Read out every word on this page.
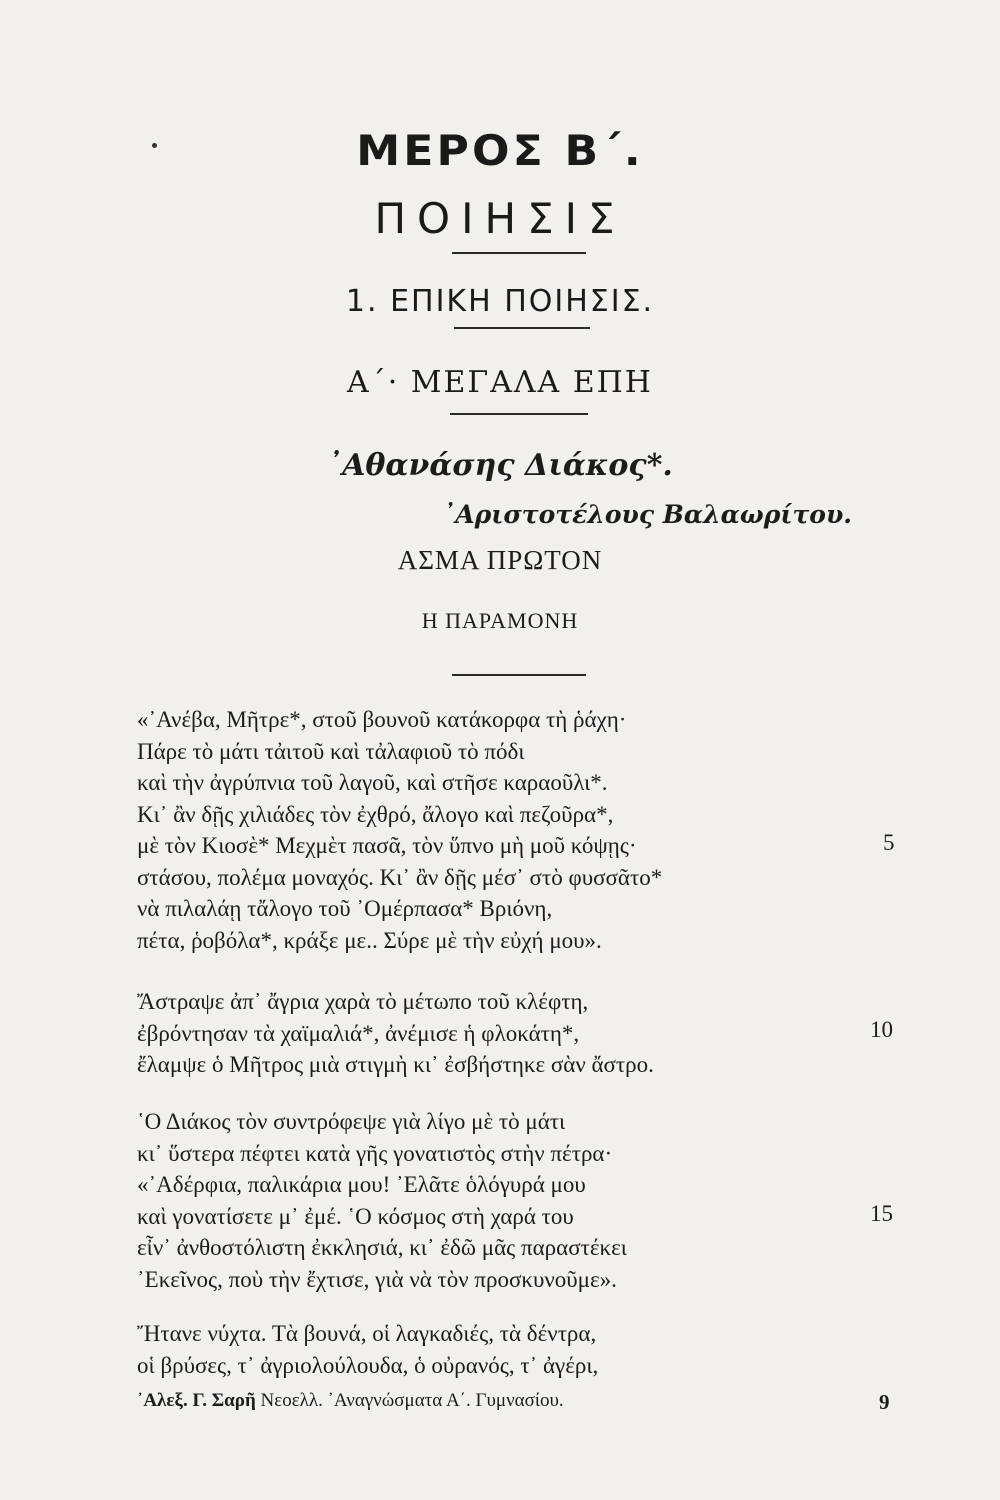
ΜΕΡΟΣ Β΄.
ΠΟΙΗΣΙΣ
1. ΕΠΙΚΗ ΠΟΙΗΣΙΣ.
Α΄· ΜΕΓΑΛΑ ΕΠΗ
᾿Αθανάσης Διάκος*.
᾿Αριστοτέλους Βαλαωρίτου.
ΑΣΜΑ ΠΡΩΤΟΝ
Η ΠΑΡΑΜΟΝΗ
«᾿Ανέβα, Μῆτρε*, στοῦ βουνοῦ κατάκορφα τὴ ῥάχη·
Πάρε τὸ μάτι τἀιτοῦ καὶ τἀλαφιοῦ τὸ πόδι
καὶ τὴν ἀγρύπνια τοῦ λαγοῦ, καὶ στῆσε καραοῦλι*.
Κι᾿ ἂν δῇς χιλιάδες τὸν ἐχθρό, ἄλογο καὶ πεζοῦρα*,
μὲ τὸν Κιοσὲ* Μεχμὲτ πασᾶ, τὸν ὕπνο μὴ μοῦ κόψῃς·
στάσου, πολέμα μοναχός. Κι᾿ ἂν δῇς μέσ᾿ στὸ φυσσᾶτο*
νὰ πιλαλάῃ τἄλογο τοῦ ᾿Ομέρπασα* Βριόνη,
πέτα, ῥοβόλα*, κράξε με.. Σύρε μὲ τὴν εὐχή μου».
5
Ἄστραψε ἀπ᾿ ἄγρια χαρὰ τὸ μέτωπο τοῦ κλέφτη,
ἐβρόντησαν τὰ χαϊμαλιά*, ἀνέμισε ἡ φλοκάτη*,
ἔλαμψε ὁ Μῆτρος μιὰ στιγμὴ κι᾿ ἐσβήστηκε σὰν ἄστρο.
10
῾Ο Διάκος τὸν συντρόφεψε γιὰ λίγο μὲ τὸ μάτι
κι᾿ ὕστερα πέφτει κατὰ γῆς γονατιστὸς στὴν πέτρα·
«᾿Αδέρφια, παλικάρια μου! ᾿Ελᾶτε ὁλόγυρά μου
καὶ γονατίσετε μ᾿ ἐμέ. ῾Ο κόσμος στὴ χαρά του
εἶν᾿ ἀνθοστόλιστη ἐκκλησιά, κι᾿ ἐδῶ μᾶς παραστέκει
᾿Εκεῖνος, ποὺ τὴν ἔχτισε, γιὰ νὰ τὸν προσκυνοῦμε».
15
Ἤτανε νύχτα. Τὰ βουνά, οἱ λαγκαδιές, τὰ δέντρα,
οἱ βρύσες, τ᾿ ἀγριολούλουδα, ὁ οὐρανός, τ᾿ ἀγέρι,
᾿Αλεξ. Γ. Σαρῆ Νεοελλ. ᾿Αναγνώσματα Α΄. Γυμνασίου.	9
